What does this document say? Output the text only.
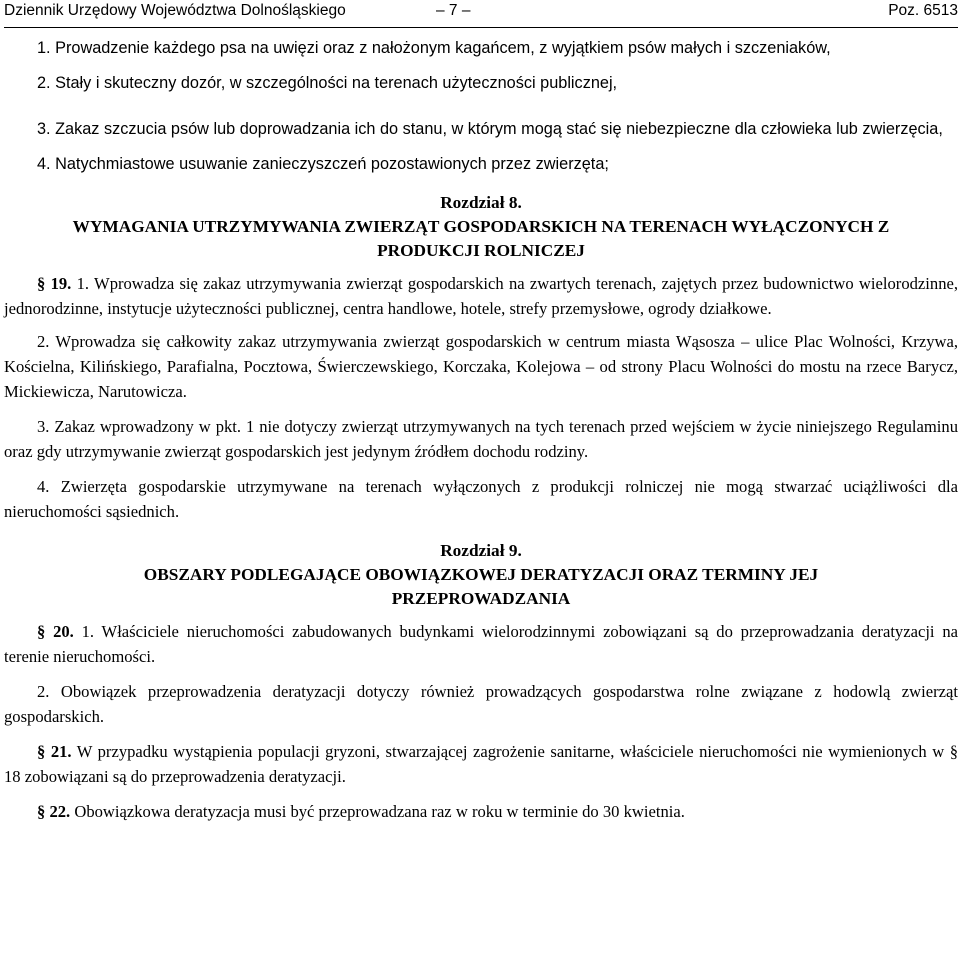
Dziennik Urzędowy Województwa Dolnośląskiego	– 7 –	Poz. 6513

1. Prowadzenie każdego psa na uwięzi oraz z nałożonym kagańcem, z wyjątkiem psów małych i szczeniaków,

2. Stały i skuteczny dozór, w szczególności na terenach użyteczności publicznej,

3. Zakaz szczucia psów lub doprowadzania ich do stanu, w którym mogą stać się niebezpieczne dla człowieka lub zwierzęcia,

4. Natychmiastowe usuwanie zanieczyszczeń pozostawionych przez zwierzęta;

Rozdział 8.
WYMAGANIA UTRZYMYWANIA ZWIERZĄT GOSPODARSKICH NA TERENACH WYŁĄCZONYCH Z PRODUKCJI ROLNICZEJ

§ 19. 1. Wprowadza się zakaz utrzymywania zwierząt gospodarskich na zwartych terenach, zajętych przez budownictwo wielorodzinne, jednorodzinne, instytucje użyteczności publicznej, centra handlowe, hotele, strefy przemysłowe, ogrody działkowe.

2. Wprowadza się całkowity zakaz utrzymywania zwierząt gospodarskich w centrum miasta Wąsosza – ulice Plac Wolności, Krzywa, Kościelna, Kilińskiego, Parafialna, Pocztowa, Świerczewskiego, Korczaka, Kolejowa – od strony Placu Wolności do mostu na rzece Barycz, Mickiewicza, Narutowicza.

3. Zakaz wprowadzony w pkt. 1 nie dotyczy zwierząt utrzymywanych na tych terenach przed wejściem w życie niniejszego Regulaminu oraz gdy utrzymywanie zwierząt gospodarskich jest jedynym źródłem dochodu rodziny.

4. Zwierzęta gospodarskie utrzymywane na terenach wyłączonych z produkcji rolniczej nie mogą stwarzać uciążliwości dla nieruchomości sąsiednich.

Rozdział 9.
OBSZARY PODLEGAJĄCE OBOWIĄZKOWEJ DERATYZACJI ORAZ TERMINY JEJ PRZEPROWADZANIA

§ 20. 1. Właściciele nieruchomości zabudowanych budynkami wielorodzinnymi zobowiązani są do przeprowadzania deratyzacji na terenie nieruchomości.

2. Obowiązek przeprowadzenia deratyzacji dotyczy również prowadzących gospodarstwa rolne związane z hodowlą zwierząt gospodarskich.

§ 21. W przypadku wystąpienia populacji gryzoni, stwarzającej zagrożenie sanitarne, właściciele nieruchomości nie wymienionych w § 18 zobowiązani są do przeprowadzenia deratyzacji.

§ 22. Obowiązkowa deratyzacja musi być przeprowadzana raz w roku w terminie do 30 kwietnia.
